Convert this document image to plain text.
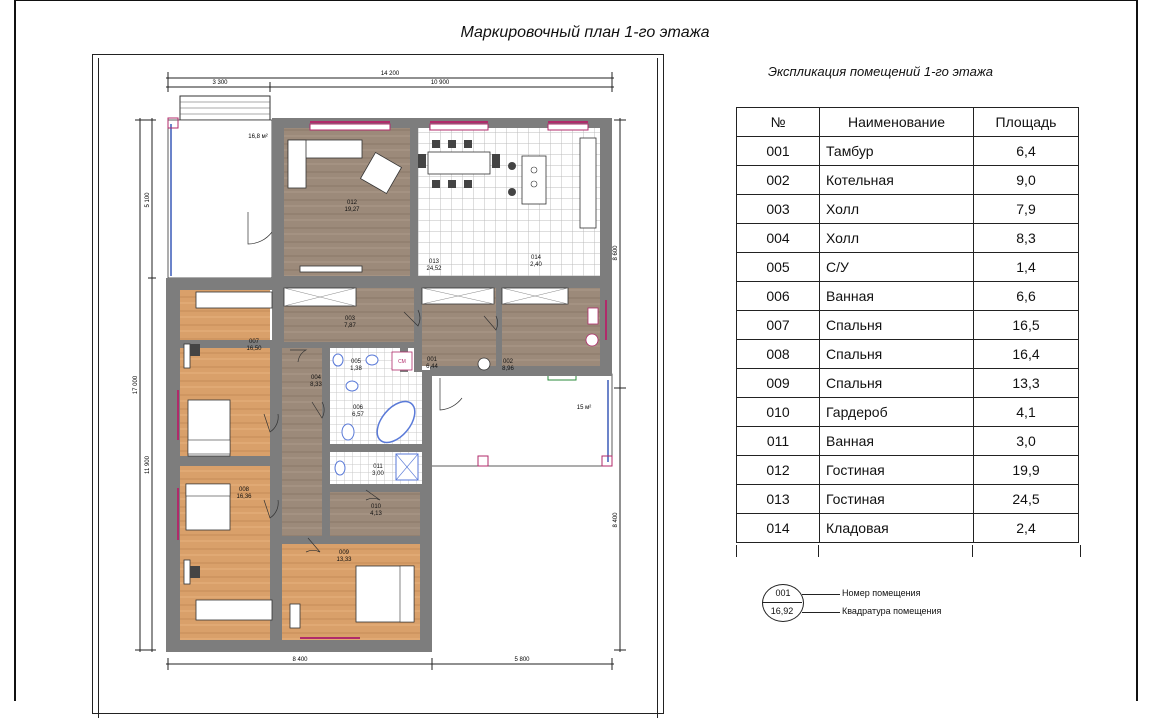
Маркировочный план 1-го этажа
14 200
3 300	10 900
17 000
5 100
11 900
8 600
8 400
8 400	5 800
16,8 м²
15 м²
СМ
012
19,27
013
24,52
014
2,40
003
7,87
007
16,50
005
1,38
001
6,44
002
8,96
004
8,33
006
6,57
011
3,00
008
16,36
010
4,13
009
13,33
Экспликация помещений 1-го этажа
№	Наименование	Площадь
001	Тамбур	6,4
002	Котельная	9,0
003	Холл	7,9
004	Холл	8,3
005	С/У	1,4
006	Ванная	6,6
007	Спальня	16,5
008	Спальня	16,4
009	Спальня	13,3
010	Гардероб	4,1
011	Ванная	3,0
012	Гостиная	19,9
013	Гостиная	24,5
014	Кладовая	2,4
001
16,92
Номер помещения
Квадратура помещения
